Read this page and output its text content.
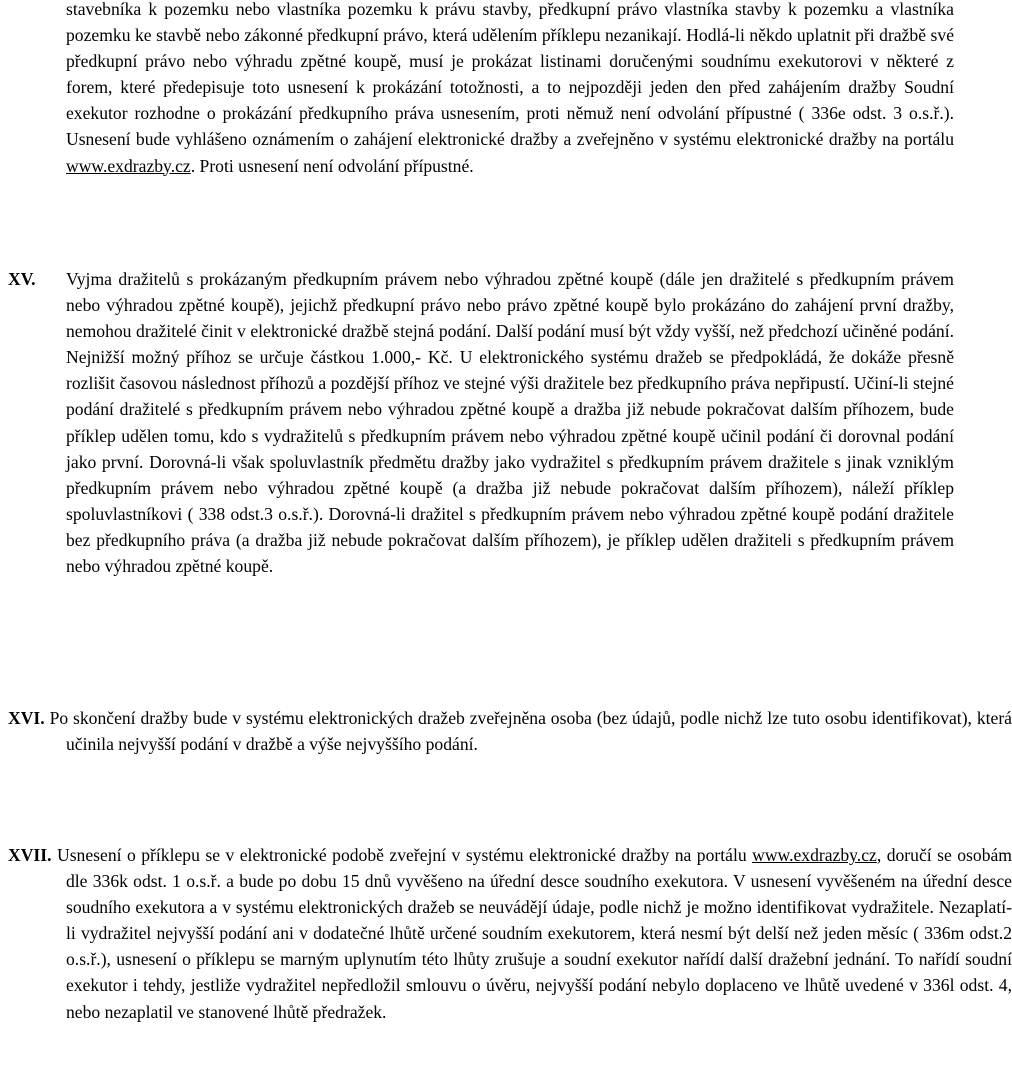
stavebníka k pozemku nebo vlastníka pozemku k právu stavby, předkupní právo vlastníka stavby k pozemku a vlastníka pozemku ke stavbě nebo zákonné předkupní právo, která udělením příklepu nezanikají. Hodlá-li někdo uplatnit při dražbě své předkupní právo nebo výhradu zpětné koupě, musí je prokázat listinami doručenými soudnímu exekutorovi v některé z forem, které předepisuje toto usnesení k prokázání totožnosti, a to nejpozději jeden den před zahájením dražby Soudní exekutor rozhodne o prokázání předkupního práva usnesením, proti němuž není odvolání přípustné ( 336e odst. 3 o.s.ř.). Usnesení bude vyhlášeno oznámením o zahájení elektronické dražby a zveřejněno v systému elektronické dražby na portálu www.exdrazby.cz. Proti usnesení není odvolání přípustné.

XV. Vyjma dražitelů s prokázaným předkupním právem nebo výhradou zpětné koupě (dále jen dražitelé s předkupním právem nebo výhradou zpětné koupě), jejichž předkupní právo nebo právo zpětné koupě bylo prokázáno do zahájení první dražby, nemohou dražitelé činit v elektronické dražbě stejná podání. Další podání musí být vždy vyšší, než předchozí učiněné podání. Nejnižší možný příhoz se určuje částkou 1.000,- Kč. U elektronického systému dražeb se předpokládá, že dokáže přesně rozlišit časovou následnost příhozů a pozdější příhoz ve stejné výši dražitele bez předkupního práva nepřipustí. Učiní-li stejné podání dražitelé s předkupním právem nebo výhradou zpětné koupě a dražba již nebude pokračovat dalším příhozem, bude příklep udělen tomu, kdo s vydražitelů s předkupním právem nebo výhradou zpětné koupě učinil podání či dorovnal podání jako první. Dorovná-li však spoluvlastník předmětu dražby jako vydražitel s předkupním právem dražitele s jinak vzniklým předkupním právem nebo výhradou zpětné koupě (a dražba již nebude pokračovat dalším příhozem), náleží příklep spoluvlastníkovi ( 338 odst.3 o.s.ř.). Dorovná-li dražitel s předkupním právem nebo výhradou zpětné koupě podání dražitele bez předkupního práva (a dražba již nebude pokračovat dalším příhozem), je příklep udělen dražiteli s předkupním právem nebo výhradou zpětné koupě.

XVI. Po skončení dražby bude v systému elektronických dražeb zveřejněna osoba (bez údajů, podle nichž lze tuto osobu identifikovat), která učinila nejvyšší podání v dražbě a výše nejvyššího podání.

XVII. Usnesení o příklepu se v elektronické podobě zveřejní v systému elektronické dražby na portálu www.exdrazby.cz, doručí se osobám dle 336k odst. 1 o.s.ř. a bude po dobu 15 dnů vyvěšeno na úřední desce soudního exekutora. V usnesení vyvěšeném na úřední desce soudního exekutora a v systému elektronických dražeb se neuvádějí údaje, podle nichž je možno identifikovat vydražitele. Nezaplatí-li vydražitel nejvyšší podání ani v dodatečné lhůtě určené soudním exekutorem, která nesmí být delší než jeden měsíc ( 336m odst.2 o.s.ř.), usnesení o příklepu se marným uplynutím této lhůty zrušuje a soudní exekutor nařídí další dražební jednání. To nařídí soudní exekutor i tehdy, jestliže vydražitel nepředložil smlouvu o úvěru, nejvyšší podání nebylo doplaceno ve lhůtě uvedené v 336l odst. 4, nebo nezaplatil ve stanovené lhůtě předražek.
